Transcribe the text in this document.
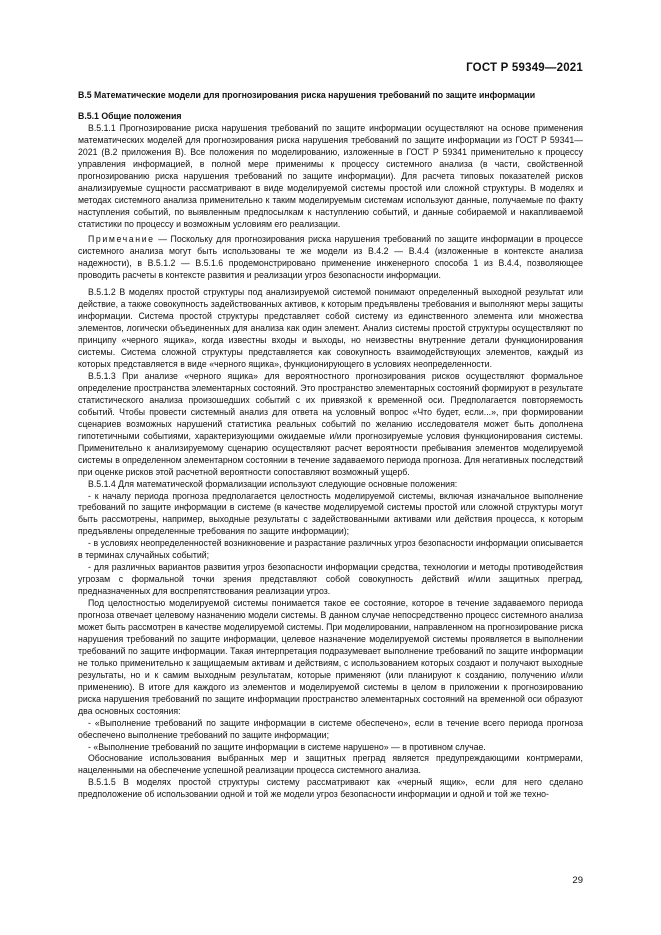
ГОСТ Р 59349—2021
B.5 Математические модели для прогнозирования риска нарушения требований по защите информации
B.5.1 Общие положения

B.5.1.1 Прогнозирование риска нарушения требований по защите информации осуществляют на основе применения математических моделей для прогнозирования риска нарушения требований по защите информации из ГОСТ Р 59341—2021 (B.2 приложения B). Все положения по моделированию, изложенные в ГОСТ Р 59341 применительно к процессу управления информацией, в полной мере применимы к процессу системного анализа (в части, свойственной прогнозированию риска нарушения требований по защите информации). Для расчета типовых показателей рисков анализируемые сущности рассматривают в виде моделируемой системы простой или сложной структуры. B моделях и методах системного анализа применительно к таким моделируемым системам используют данные, получаемые по факту наступления событий, по выявленным предпосылкам к наступлению событий, и данные собираемой и накапливаемой статистики по процессу и возможным условиям его реализации.

Примечание — Поскольку для прогнозирования риска нарушения требований по защите информации в процессе системного анализа могут быть использованы те же модели из B.4.2 — B.4.4 (изложенные в контексте анализа надежности), в B.5.1.2 — B.5.1.6 продемонстрировано применение инженерного способа 1 из B.4.4, позволяющее проводить расчеты в контексте развития и реализации угроз безопасности информации.

B.5.1.2 B моделях простой структуры под анализируемой системой понимают определенный выходной результат или действие, а также совокупность задействованных активов, к которым предъявлены требования и выполняют меры защиты информации. Система простой структуры представляет собой систему из единственного элемента или множества элементов, логически объединенных для анализа как один элемент. Анализ системы простой структуры осуществляют по принципу «черного ящика», когда известны входы и выходы, но неизвестны внутренние детали функционирования системы. Система сложной структуры представляется как совокупность взаимодействующих элементов, каждый из которых представляется в виде «черного ящика», функционирующего в условиях неопределенности.

B.5.1.3 При анализе «черного ящика» для вероятностного прогнозирования рисков осуществляют формальное определение пространства элементарных состояний. Это пространство элементарных состояний формируют в результате статистического анализа произошедших событий с их привязкой к временной оси. Предполагается повторяемость событий. Чтобы провести системный анализ для ответа на условный вопрос «Что будет, если...», при формировании сценариев возможных нарушений статистика реальных событий по желанию исследователя может быть дополнена гипотетичными событиями, характеризующими ожидаемые и/или прогнозируемые условия функционирования системы. Применительно к анализируемому сценарию осуществляют расчет вероятности пребывания элементов моделируемой системы в определенном элементарном состоянии в течение задаваемого периода прогноза. Для негативных последствий при оценке рисков этой расчетной вероятности сопоставляют возможный ущерб.

B.5.1.4 Для математической формализации используют следующие основные положения:

- к началу периода прогноза предполагается целостность моделируемой системы, включая изначальное выполнение требований по защите информации в системе (в качестве моделируемой системы простой или сложной структуры могут быть рассмотрены, например, выходные результаты с задействованными активами или действия процесса, к которым предъявлены определенные требования по защите информации);

- в условиях неопределенностей возникновение и разрастание различных угроз безопасности информации описывается в терминах случайных событий;

- для различных вариантов развития угроз безопасности информации средства, технологии и методы противодействия угрозам с формальной точки зрения представляют собой совокупность действий и/или защитных преград, предназначенных для воспрепятствования реализации угроз.

Под целостностью моделируемой системы понимается такое ее состояние, которое в течение задаваемого периода прогноза отвечает целевому назначению модели системы. B данном случае непосредственно процесс системного анализа может быть рассмотрен в качестве моделируемой системы. При моделировании, направленном на прогнозирование риска нарушения требований по защите информации, целевое назначение моделируемой системы проявляется в выполнении требований по защите информации. Такая интерпретация подразумевает выполнение требований по защите информации не только применительно к защищаемым активам и действиям, с использованием которых создают и получают выходные результаты, но и к самим выходным результатам, которые применяют (или планируют к созданию, получению и/или применению). B итоге для каждого из элементов и моделируемой системы в целом в приложении к прогнозированию риска нарушения требований по защите информации пространство элементарных состояний на временной оси образуют два основных состояния:

- «Выполнение требований по защите информации в системе обеспечено», если в течение всего периода прогноза обеспечено выполнение требований по защите информации;

- «Выполнение требований по защите информации в системе нарушено» — в противном случае.

Обоснование использования выбранных мер и защитных преград является предупреждающими контрмерами, нацеленными на обеспечение успешной реализации процесса системного анализа.

B.5.1.5 B моделях простой структуры систему рассматривают как «черный ящик», если для него сделано предположение об использовании одной и той же модели угроз безопасности информации и одной и той же техно-

29
